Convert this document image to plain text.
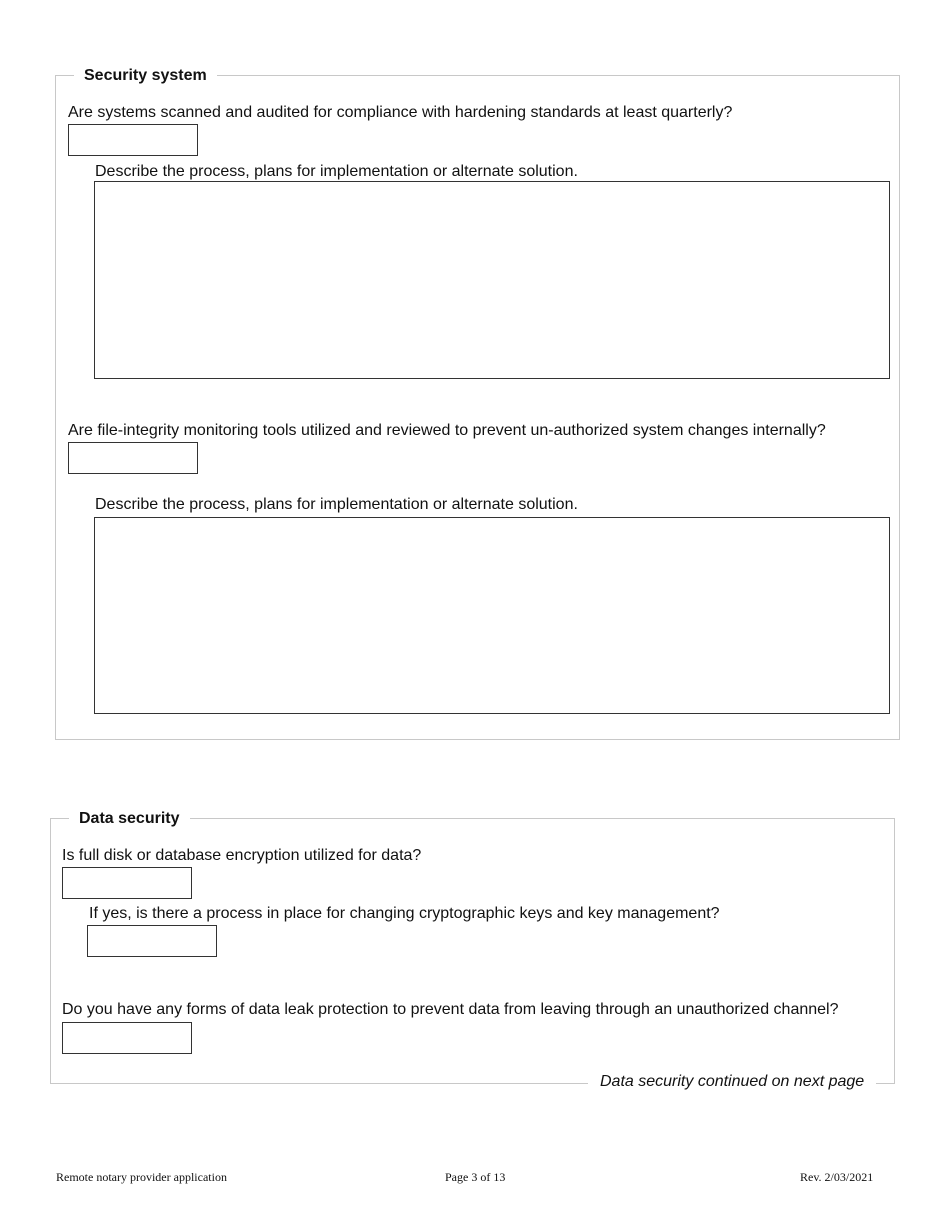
Security system
Are systems scanned and audited for compliance with hardening standards at least quarterly?
Describe the process, plans for implementation or alternate solution.
Are file-integrity monitoring tools utilized and reviewed to prevent un-authorized system changes internally?
Describe the process, plans for implementation or alternate solution.
Data security
Is full disk or database encryption utilized for data?
If yes, is there a process in place for changing cryptographic keys and key management?
Do you have any forms of data leak protection to prevent data from leaving through an unauthorized channel?
Data security continued on next page
Remote notary provider application	Page 3 of 13	Rev. 2/03/2021
